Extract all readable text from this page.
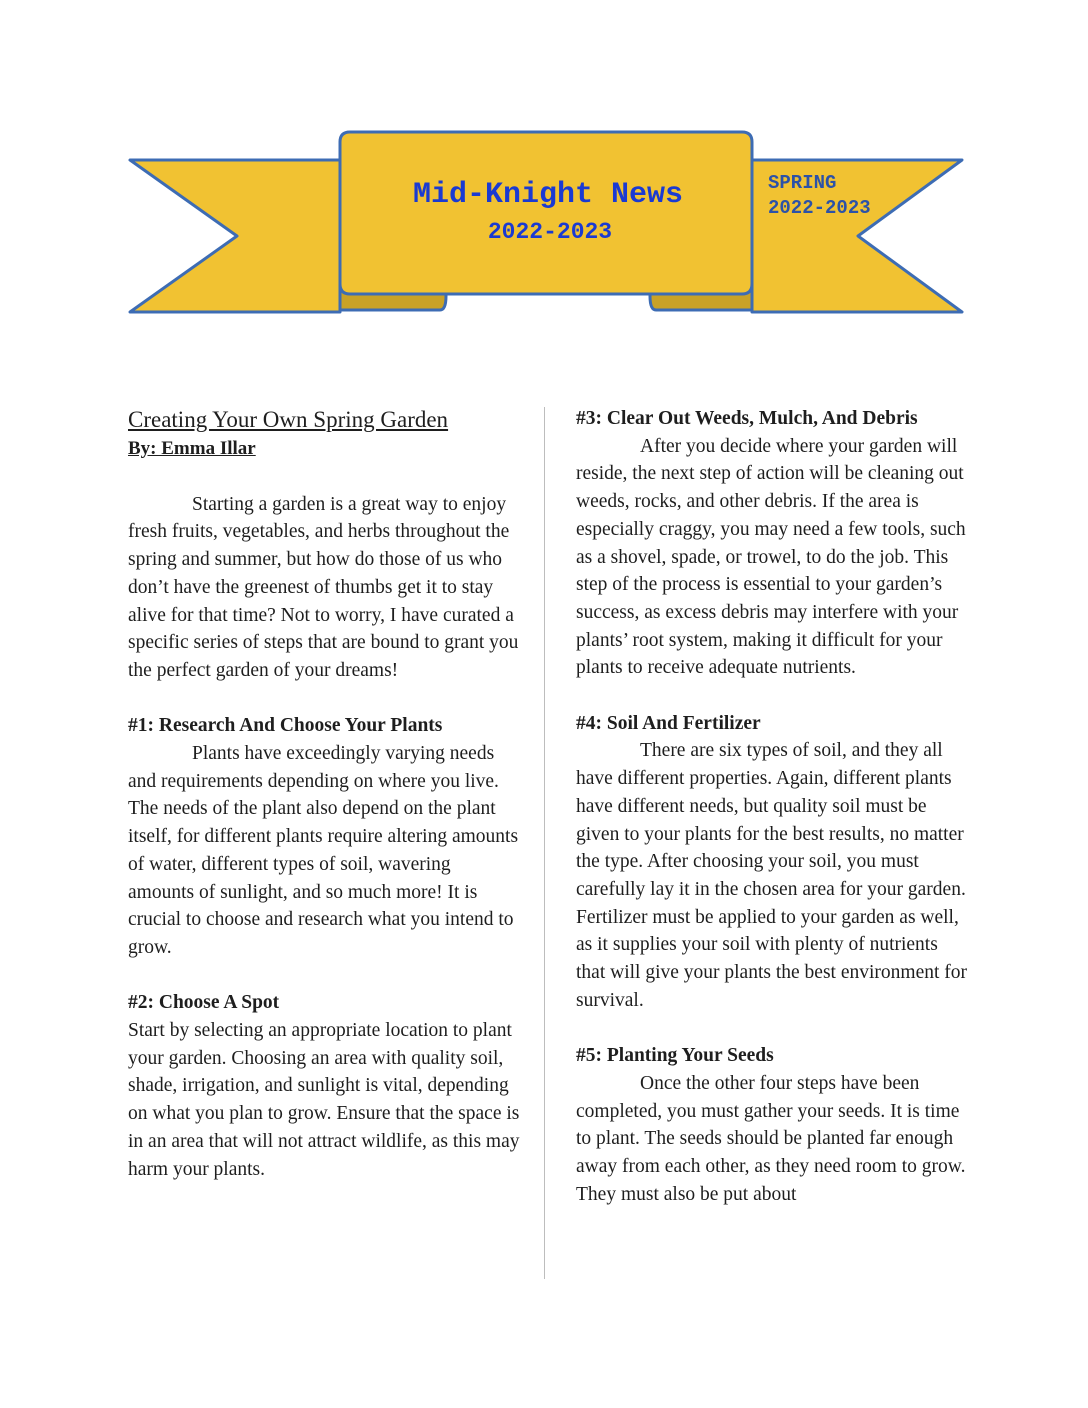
Mid-Knight News
2022-2023
SPRING
2022-2023
Creating Your Own Spring Garden

By: Emma Illar

Starting a garden is a great way to enjoy fresh fruits, vegetables, and herbs throughout the spring and summer, but how do those of us who don’t have the greenest of thumbs get it to stay alive for that time? Not to worry, I have curated a specific series of steps that are bound to grant you the perfect garden of your dreams!

#1: Research And Choose Your Plants

Plants have exceedingly varying needs and requirements depending on where you live. The needs of the plant also depend on the plant itself, for different plants require altering amounts of water, different types of soil, wavering amounts of sunlight, and so much more! It is crucial to choose and research what you intend to grow.

#2: Choose A Spot

Start by selecting an appropriate location to plant your garden. Choosing an area with quality soil, shade, irrigation, and sunlight is vital, depending on what you plan to grow. Ensure that the space is in an area that will not attract wildlife, as this may harm your plants.

#3: Clear Out Weeds, Mulch, And Debris

After you decide where your garden will reside, the next step of action will be cleaning out weeds, rocks, and other debris. If the area is especially craggy, you may need a few tools, such as a shovel, spade, or trowel, to do the job. This step of the process is essential to your garden’s success, as excess debris may interfere with your plants’ root system, making it difficult for your plants to receive adequate nutrients.

#4: Soil And Fertilizer

There are six types of soil, and they all have different properties. Again, different plants have different needs, but quality soil must be given to your plants for the best results, no matter the type. After choosing your soil, you must carefully lay it in the chosen area for your garden. Fertilizer must be applied to your garden as well, as it supplies your soil with plenty of nutrients that will give your plants the best environment for survival.

#5: Planting Your Seeds

Once the other four steps have been completed, you must gather your seeds. It is time to plant. The seeds should be planted far enough away from each other, as they need room to grow. They must also be put about
